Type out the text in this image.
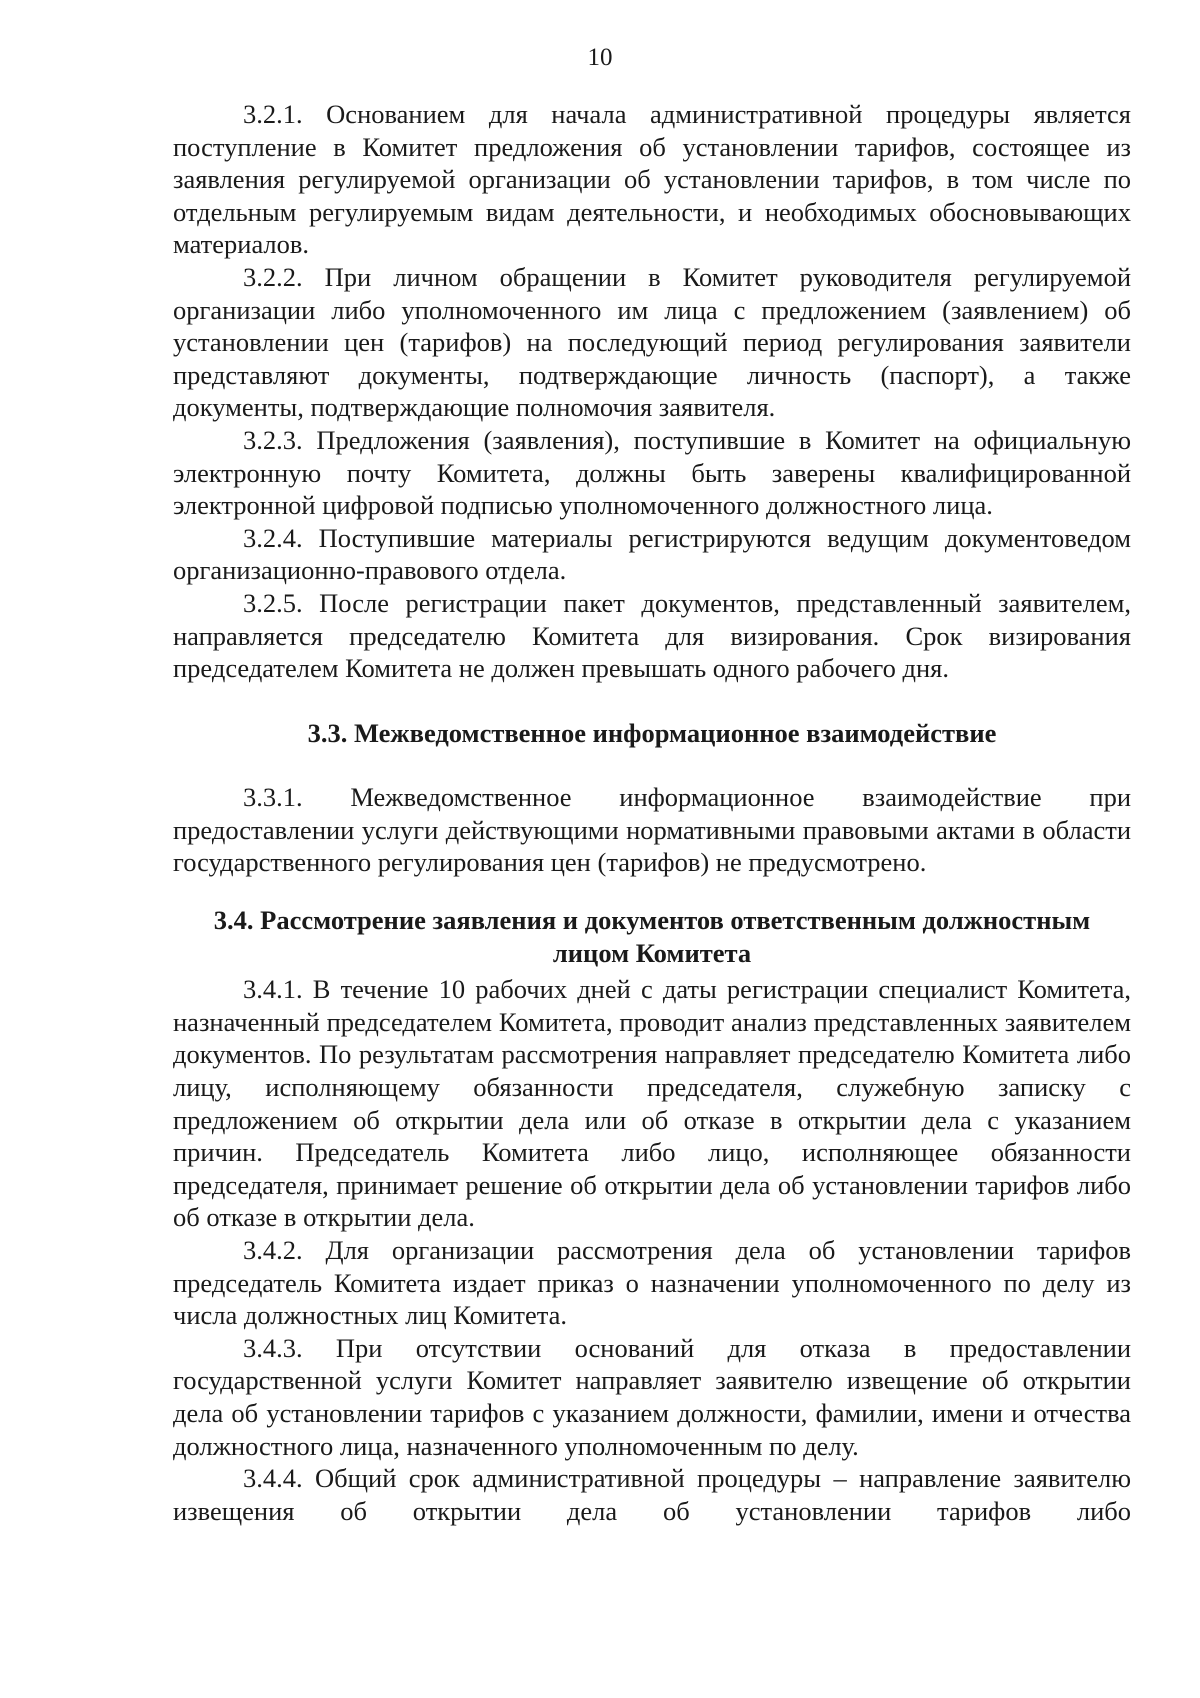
10

3.2.1. Основанием для начала административной процедуры является поступление в Комитет предложения об установлении тарифов, состоящее из заявления регулируемой организации об установлении тарифов, в том числе по отдельным регулируемым видам деятельности, и необходимых обосновывающих материалов.

3.2.2. При личном обращении в Комитет руководителя регулируемой организации либо уполномоченного им лица с предложением (заявлением) об установлении цен (тарифов) на последующий период регулирования заявители представляют документы, подтверждающие личность (паспорт), а также документы, подтверждающие полномочия заявителя.

3.2.3. Предложения (заявления), поступившие в Комитет на официальную электронную почту Комитета, должны быть заверены квалифицированной электронной цифровой подписью уполномоченного должностного лица.

3.2.4. Поступившие материалы регистрируются ведущим документоведом организационно-правового отдела.

3.2.5. После регистрации пакет документов, представленный заявителем, направляется председателю Комитета для визирования. Срок визирования председателем Комитета не должен превышать одного рабочего дня.

3.3. Межведомственное информационное взаимодействие

3.3.1. Межведомственное информационное взаимодействие при предоставлении услуги действующими нормативными правовыми актами в области государственного регулирования цен (тарифов) не предусмотрено.

3.4. Рассмотрение заявления и документов ответственным должностным
лицом Комитета

3.4.1. В течение 10 рабочих дней с даты регистрации специалист Комитета, назначенный председателем Комитета, проводит анализ представленных заявителем документов. По результатам рассмотрения направляет председателю Комитета либо лицу, исполняющему обязанности председателя, служебную записку с предложением об открытии дела или об отказе в открытии дела с указанием причин. Председатель Комитета либо лицо, исполняющее обязанности председателя, принимает решение об открытии дела об установлении тарифов либо об отказе в открытии дела.

3.4.2. Для организации рассмотрения дела об установлении тарифов председатель Комитета издает приказ о назначении уполномоченного по делу из числа должностных лиц Комитета.

3.4.3. При отсутствии оснований для отказа в предоставлении государственной услуги Комитет направляет заявителю извещение об открытии дела об установлении тарифов с указанием должности, фамилии, имени и отчества должностного лица, назначенного уполномоченным по делу.

3.4.4. Общий срок административной процедуры – направление заявителю извещения об открытии дела об установлении тарифов либо
